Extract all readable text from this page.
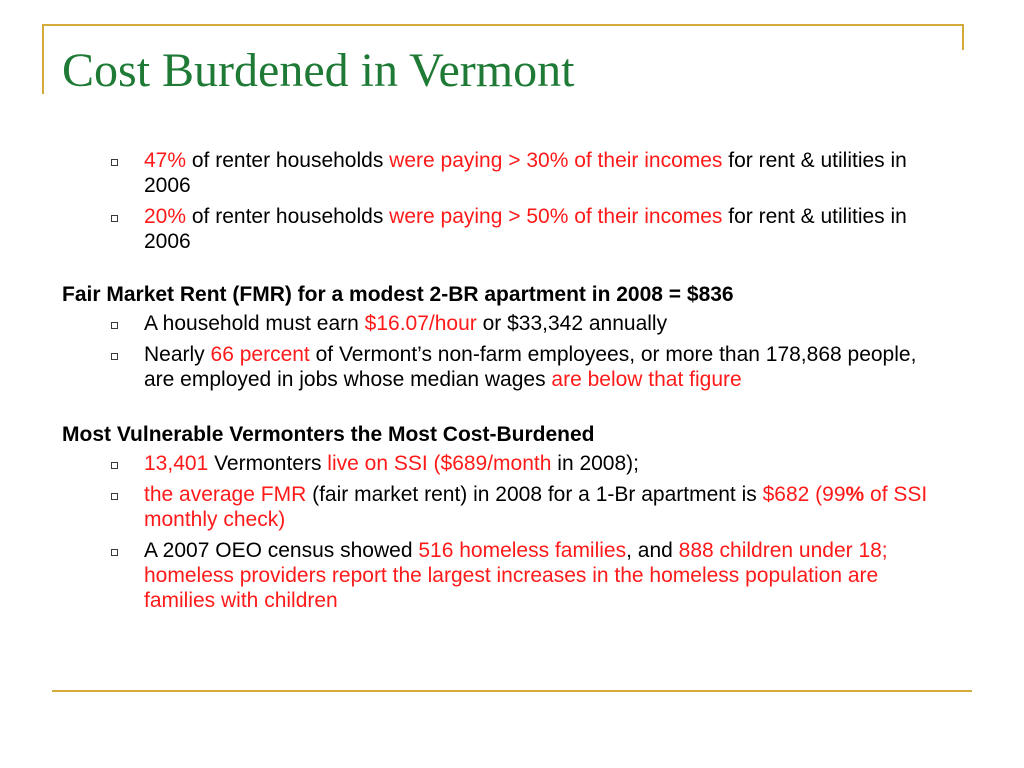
Cost Burdened in Vermont
47% of renter households were paying > 30% of their incomes for rent & utilities in 2006
20% of renter households were paying > 50% of their incomes for rent & utilities in 2006

Fair Market Rent (FMR) for a modest 2-BR apartment in 2008 = $836

A household must earn $16.07/hour or $33,342 annually
Nearly 66 percent of Vermont’s non-farm employees, or more than 178,868 people, are employed in jobs whose median wages are below that figure

Most Vulnerable Vermonters the Most Cost-Burdened

13,401 Vermonters live on SSI ($689/month in 2008);
the average FMR (fair market rent) in 2008 for a 1-Br apartment is $682 (99% of SSI monthly check)
A 2007 OEO census showed 516 homeless families, and 888 children under 18; homeless providers report the largest increases in the homeless population are families with children
